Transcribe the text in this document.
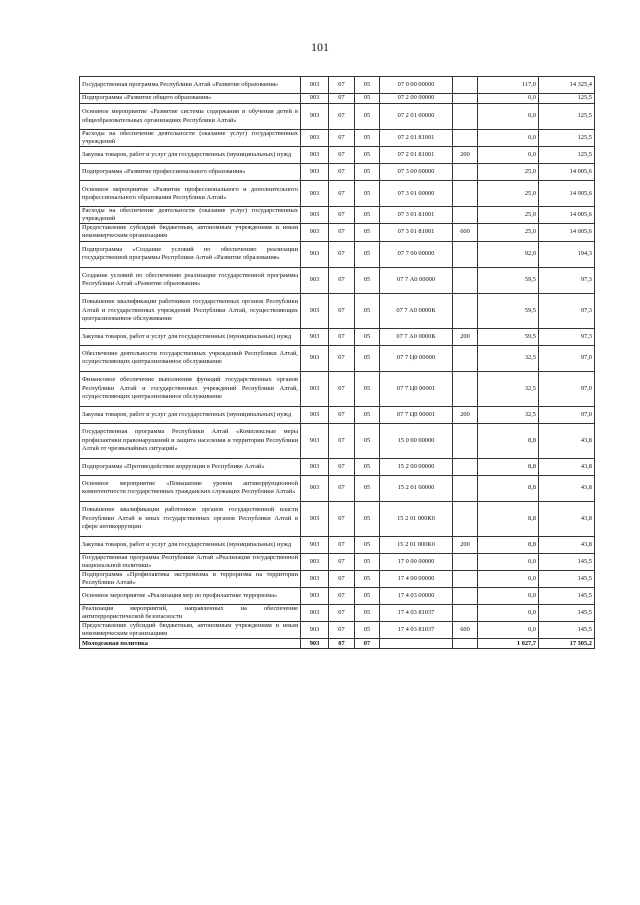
101
Государственная программа Республики Алтай «Развитие образования»	903	07	05	07 0 00 00000		117,0	14 325,4
Подпрограмма «Развитие общего образования»	903	07	05	07 2 00 00000		0,0	125,5
Основное мероприятие «Развитие системы содержания и обучения детей в общеобразовательных организациях Республики Алтай»	903	07	05	07 2 01 00000		0,0	125,5
Расходы на обеспечение деятельности (оказание услуг) государственных учреждений	903	07	05	07 2 01 81001		0,0	125,5
Закупка товаров, работ и услуг для государственных (муниципальных) нужд	903	07	05	07 2 01 81001	200	0,0	125,5
Подпрограмма «Развитие профессионального образования»	903	07	05	07 3 00 00000		25,0	14 005,6
Основное мероприятие «Развитие профессионального и дополнительного профессионального образования Республики Алтай»	903	07	05	07 3 01 00000		25,0	14 005,6
Расходы на обеспечение деятельности (оказание услуг) государственных учреждений	903	07	05	07 3 01 81001		25,0	14 005,6
Предоставление субсидий бюджетным, автономным учреждениям и иным некоммерческим организациям	903	07	05	07 3 01 81001	600	25,0	14 005,6
Подпрограмма «Создание условий по обеспечению реализации государственной программы Республики Алтай «Развитие образования»	903	07	05	07 7 00 00000		92,0	194,3
Создание условий по обеспечению реализации государственной программы Республики Алтай «Развитие образования»	903	07	05	07 7 А0 00000		59,5	97,3
Повышение квалификации работников государственных органов Республики Алтай и государственных учреждений Республики Алтай, осуществляющих централизованное обслуживание	903	07	05	07 7 А0 0000К		59,5	97,3
Закупка товаров, работ и услуг для государственных (муниципальных) нужд	903	07	05	07 7 А0 0000К	200	59,5	97,3
Обеспечение деятельности государственных учреждений Республики Алтай, осуществляющих централизованное обслуживание	903	07	05	07 7 Ц0 00000		32,5	97,0
Финансовое обеспечение выполнения функций государственных органов Республики Алтай и государственных учреждений Республики Алтай, осуществляющих централизованное обслуживание	903	07	05	07 7 Ц0 00001		32,5	97,0
Закупка товаров, работ и услуг для государственных (муниципальных) нужд	903	07	05	07 7 Ц0 00001	200	32,5	97,0
Государственная программа Республики Алтай «Комплексные меры профилактики правонарушений и защита населения и территории Республики Алтай от чрезвычайных ситуаций»	903	07	05	15 0 00 00000		8,8	43,8
Подпрограмма «Противодействие коррупции в Республике Алтай»	903	07	05	15 2 00 00000		8,8	43,8
Основное мероприятие «Повышение уровня антикоррупционной компетентности государственных гражданских служащих Республики Алтай»	903	07	05	15 2 01 00000		8,8	43,8
Повышение квалификации работников органов государственной власти Республики Алтай и иных государственных органов Республики Алтай в сфере антикоррупции	903	07	05	15 2 01 000К0		8,8	43,8
Закупка товаров, работ и услуг для государственных (муниципальных) нужд	903	07	05	15 2 01 000К0	200	8,8	43,8
Государственная программа Республики Алтай «Реализация государственной национальной политики»	903	07	05	17 0 00 00000		0,0	145,5
Подпрограмма «Профилактика экстремизма и терроризма на территории Республики Алтай»	903	07	05	17 4 00 00000		0,0	145,5
Основное мероприятие «Реализация мер по профилактике терроризма»	903	07	05	17 4 03 00000		0,0	145,5
Реализация мероприятий, направленных на обеспечение антитеррористической безопасности	903	07	05	17 4 03 81037		0,0	145,5
Предоставление субсидий бюджетным, автономным учреждениям и иным некоммерческим организациям	903	07	05	17 4 03 81037	600	0,0	145,5
Молодежная политика	903	07	07			1 027,7	17 305,2
